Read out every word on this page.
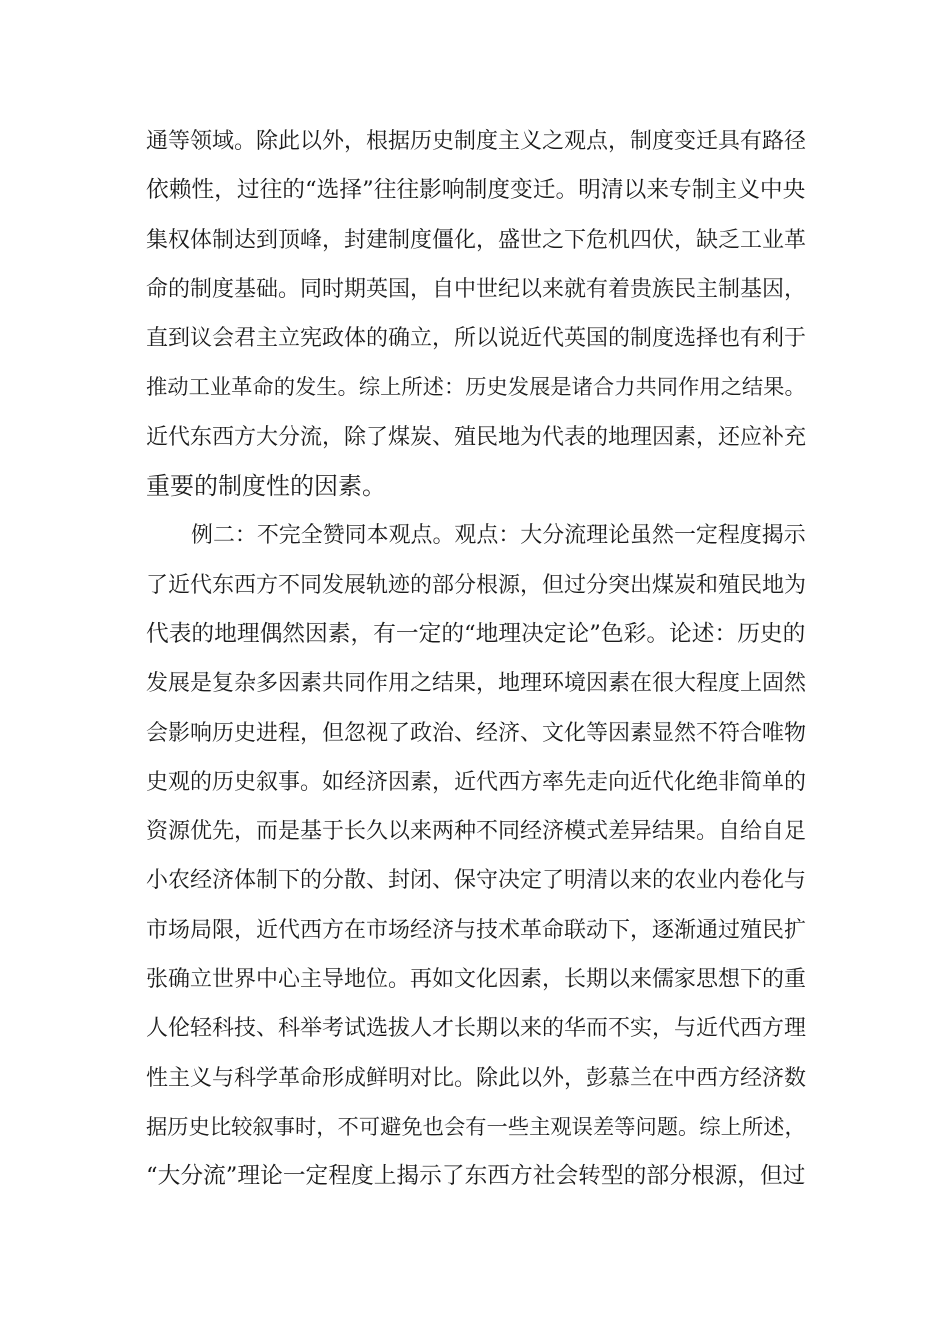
通等领域。除此以外，根据历史制度主义之观点，制度变迁具有路径
依赖性，过往的“选择”往往影响制度变迁。明清以来专制主义中央
集权体制达到顶峰，封建制度僵化，盛世之下危机四伏，缺乏工业革
命的制度基础。同时期英国，自中世纪以来就有着贵族民主制基因，
直到议会君主立宪政体的确立，所以说近代英国的制度选择也有利于
推动工业革命的发生。综上所述：历史发展是诸合力共同作用之结果。
近代东西方大分流，除了煤炭、殖民地为代表的地理因素，还应补充
重要的制度性的因素。
例二：不完全赞同本观点。观点：大分流理论虽然一定程度揭示
了近代东西方不同发展轨迹的部分根源，但过分突出煤炭和殖民地为
代表的地理偶然因素，有一定的“地理决定论”色彩。论述：历史的
发展是复杂多因素共同作用之结果，地理环境因素在很大程度上固然
会影响历史进程，但忽视了政治、经济、文化等因素显然不符合唯物
史观的历史叙事。如经济因素，近代西方率先走向近代化绝非简单的
资源优先，而是基于长久以来两种不同经济模式差异结果。自给自足
小农经济体制下的分散、封闭、保守决定了明清以来的农业内卷化与
市场局限，近代西方在市场经济与技术革命联动下，逐渐通过殖民扩
张确立世界中心主导地位。再如文化因素，长期以来儒家思想下的重
人伦轻科技、科举考试选拔人才长期以来的华而不实，与近代西方理
性主义与科学革命形成鲜明对比。除此以外，彭慕兰在中西方经济数
据历史比较叙事时，不可避免也会有一些主观误差等问题。综上所述，
“大分流”理论一定程度上揭示了东西方社会转型的部分根源，但过
